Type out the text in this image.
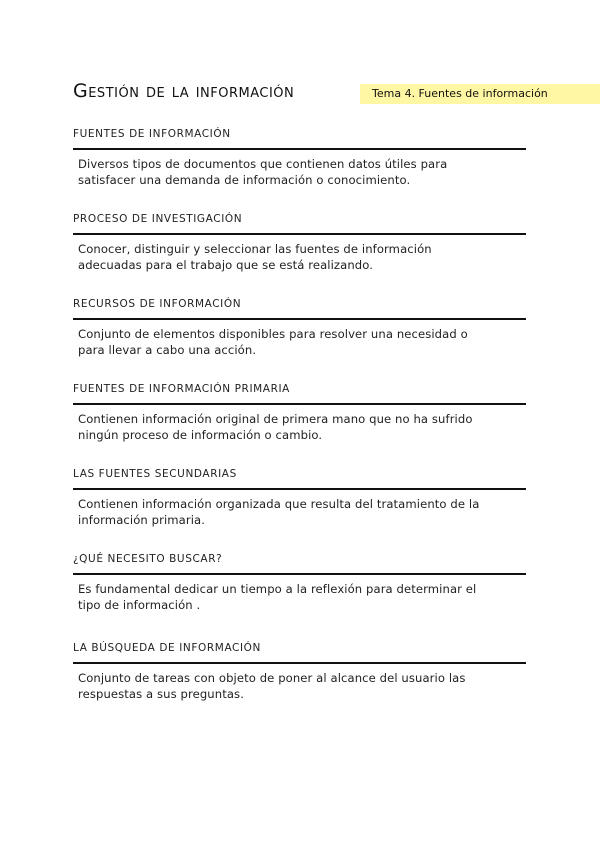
Gestión de la información	Tema 4. Fuentes de información
FUENTES DE INFORMACIÓN
Diversos tipos de documentos que contienen datos útiles para
satisfacer una demanda de información o conocimiento.
PROCESO DE INVESTIGACIÓN
Conocer, distinguir y seleccionar las fuentes de información
adecuadas para el trabajo que se está realizando.
RECURSOS DE INFORMACIÓN
Conjunto de elementos disponibles para resolver una necesidad o
para llevar a cabo una acción.
FUENTES DE INFORMACIÓN PRIMARIA
Contienen información original de primera mano que no ha sufrido
ningún proceso de información o cambio.
LAS FUENTES SECUNDARIAS
Contienen información organizada que resulta del tratamiento de la
información primaria.
¿QUÉ NECESITO BUSCAR?
Es fundamental dedicar un tiempo a la reflexión para determinar el
tipo de información .
LA BÚSQUEDA DE INFORMACIÓN
Conjunto de tareas con objeto de poner al alcance del usuario las
respuestas a sus preguntas.
